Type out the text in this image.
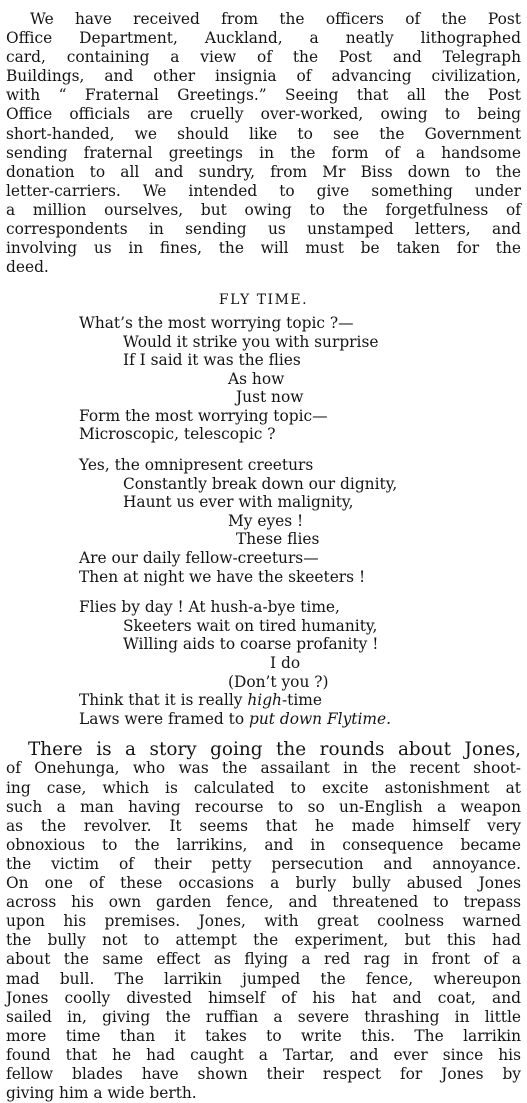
We have received from the officers of the Post
Office Department, Auckland, a neatly lithographed
card, containing a view of the Post and Telegraph
Buildings, and other insignia of advancing civilization,
with “ Fraternal Greetings.” Seeing that all the Post
Office officials are cruelly over-worked, owing to being
short-handed, we should like to see the Government
sending fraternal greetings in the form of a handsome
donation to all and sundry, from Mr Biss down to the
letter-carriers. We intended to give something under
a million ourselves, but owing to the forgetfulness of
correspondents in sending us unstamped letters, and
involving us in fines, the will must be taken for the
deed.
FLY TIME.
What’s the most worrying topic ?—
Would it strike you with surprise
If I said it was the flies
As how
Just now
Form the most worrying topic—
Microscopic, telescopic ?
Yes, the omnipresent creeturs
Constantly break down our dignity,
Haunt us ever with malignity,
My eyes !
These flies
Are our daily fellow-creeturs—
Then at night we have the skeeters !
Flies by day ! At hush-a-bye time,
Skeeters wait on tired humanity,
Willing aids to coarse profanity !
I do
(Don’t you ?)
Think that it is really high-time
Laws were framed to put down Flytime.
There is a story going the rounds about Jones,
of Onehunga, who was the assailant in the recent shoot-
ing case, which is calculated to excite astonishment at
such a man having recourse to so un-English a weapon
as the revolver. It seems that he made himself very
obnoxious to the larrikins, and in consequence became
the victim of their petty persecution and annoyance.
On one of these occasions a burly bully abused Jones
across his own garden fence, and threatened to trepass
upon his premises. Jones, with great coolness warned
the bully not to attempt the experiment, but this had
about the same effect as flying a red rag in front of a
mad bull. The larrikin jumped the fence, whereupon
Jones coolly divested himself of his hat and coat, and
sailed in, giving the ruffian a severe thrashing in little
more time than it takes to write this. The larrikin
found that he had caught a Tartar, and ever since his
fellow blades have shown their respect for Jones by
giving him a wide berth.
